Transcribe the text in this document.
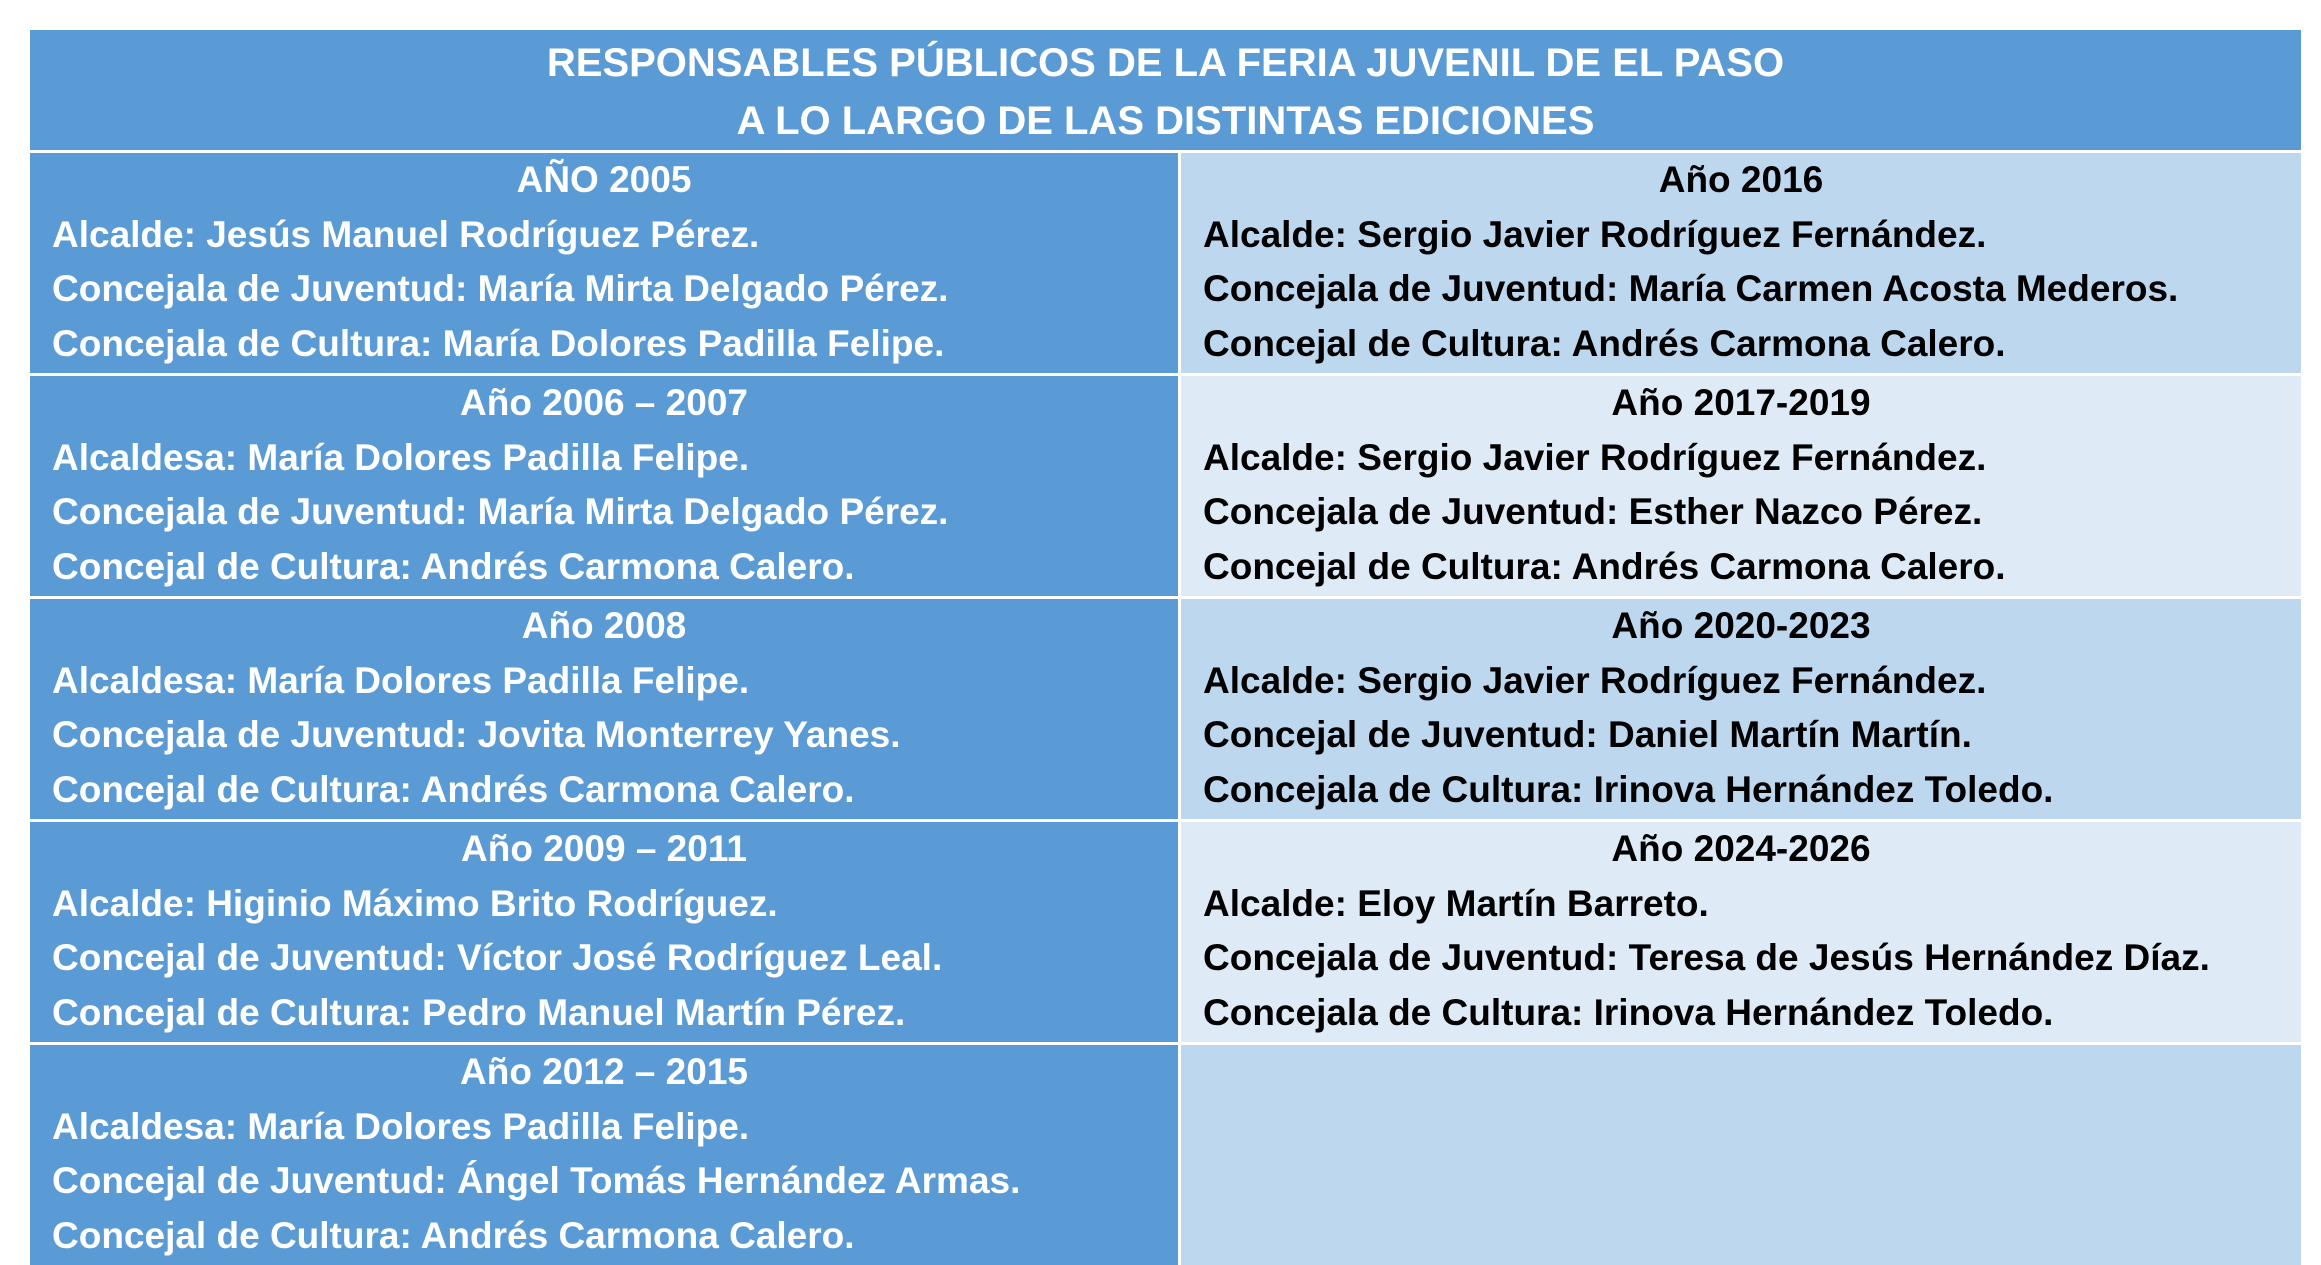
RESPONSABLES PÚBLICOS DE LA FERIA JUVENIL DE EL PASO
A LO LARGO DE LAS DISTINTAS EDICIONES
AÑO 2005
Alcalde: Jesús Manuel Rodríguez Pérez.
Concejala de Juventud: María Mirta Delgado Pérez.
Concejala de Cultura: María Dolores Padilla Felipe.
Año 2016
Alcalde: Sergio Javier Rodríguez Fernández.
Concejala de Juventud: María Carmen Acosta Mederos.
Concejal de Cultura: Andrés Carmona Calero.
Año 2006 – 2007
Alcaldesa: María Dolores Padilla Felipe.
Concejala de Juventud: María Mirta Delgado Pérez.
Concejal de Cultura: Andrés Carmona Calero.
Año 2017-2019
Alcalde: Sergio Javier Rodríguez Fernández.
Concejala de Juventud: Esther Nazco Pérez.
Concejal de Cultura: Andrés Carmona Calero.
Año 2008
Alcaldesa: María Dolores Padilla Felipe.
Concejala de Juventud: Jovita Monterrey Yanes.
Concejal de Cultura: Andrés Carmona Calero.
Año 2020-2023
Alcalde: Sergio Javier Rodríguez Fernández.
Concejal de Juventud: Daniel Martín Martín.
Concejala de Cultura: Irinova Hernández Toledo.
Año 2009 – 2011
Alcalde: Higinio Máximo Brito Rodríguez.
Concejal de Juventud: Víctor José Rodríguez Leal.
Concejal de Cultura: Pedro Manuel Martín Pérez.
Año 2024-2026
Alcalde: Eloy Martín Barreto.
Concejala de Juventud: Teresa de Jesús Hernández Díaz.
Concejala de Cultura: Irinova Hernández Toledo.
Año 2012 – 2015
Alcaldesa: María Dolores Padilla Felipe.
Concejal de Juventud: Ángel Tomás Hernández Armas.
Concejal de Cultura: Andrés Carmona Calero.
